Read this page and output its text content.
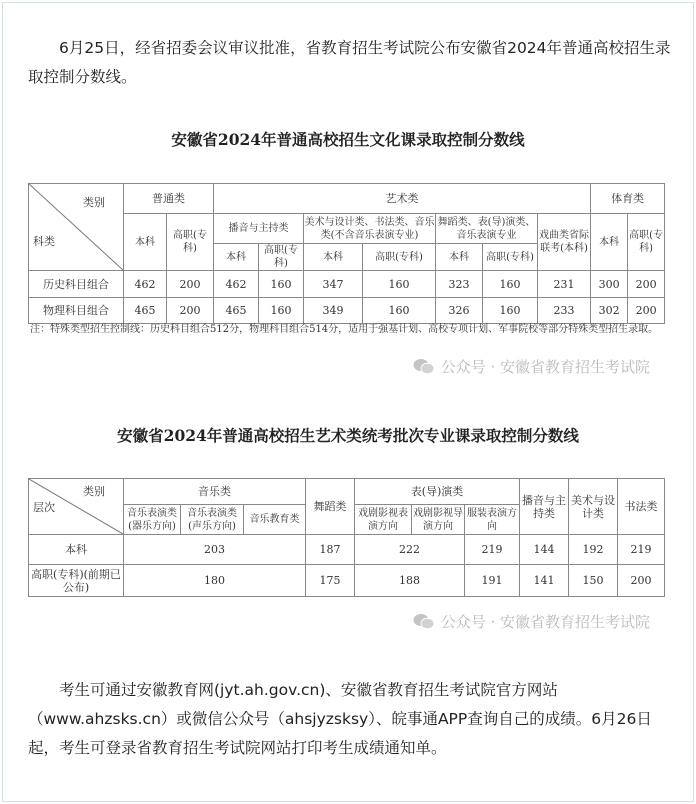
6月25日，经省招委会议审议批准，省教育招生考试院公布安徽省2024年普通高校招生录取控制分数线。

安徽省2024年普通高校招生文化课录取控制分数线
类别
科类	普通类		艺术类							体育类	
	本科	高职(专科)	播音与主持类		美术与设计类、书法类、音乐类(不含音乐表演专业)		舞蹈类、表(导)演类、音乐表演专业		戏曲类省际联考(本科)	本科	高职(专科)
			本科	高职(专科)	本科	高职(专科)	本科	高职(专科)			
历史科目组合	462	200	462	160	347	160	323	160	231	300	200
物理科目组合	465	200	465	160	349	160	326	160	233	302	200
注：特殊类型招生控制线：历史科目组合512分，物理科目组合514分，适用于强基计划、高校专项计划、军事院校等部分特殊类型招生录取。
公众号 · 安徽省教育招生考试院
安徽省2024年普通高校招生艺术类统考批次专业课录取控制分数线
类别
层次	音乐类			舞蹈类	表(导)演类			播音与主持类	美术与设计类	书法类
	音乐表演类(器乐方向)	音乐表演类(声乐方向)	音乐教育类		戏剧影视表演方向	戏剧影视导演方向	服装表演方向			
本科	203			187	222		219	144	192	219
高职(专科)(前期已公布)	180			175	188		191	141	150	200
公众号 · 安徽省教育招生考试院

考生可通过安徽教育网(jyt.ah.gov.cn)、安徽省教育招生考试院官方网站（www.ahzsks.cn）或微信公众号（ahsjyzsksy）、皖事通APP查询自己的成绩。6月26日起，考生可登录省教育招生考试院网站打印考生成绩通知单。
